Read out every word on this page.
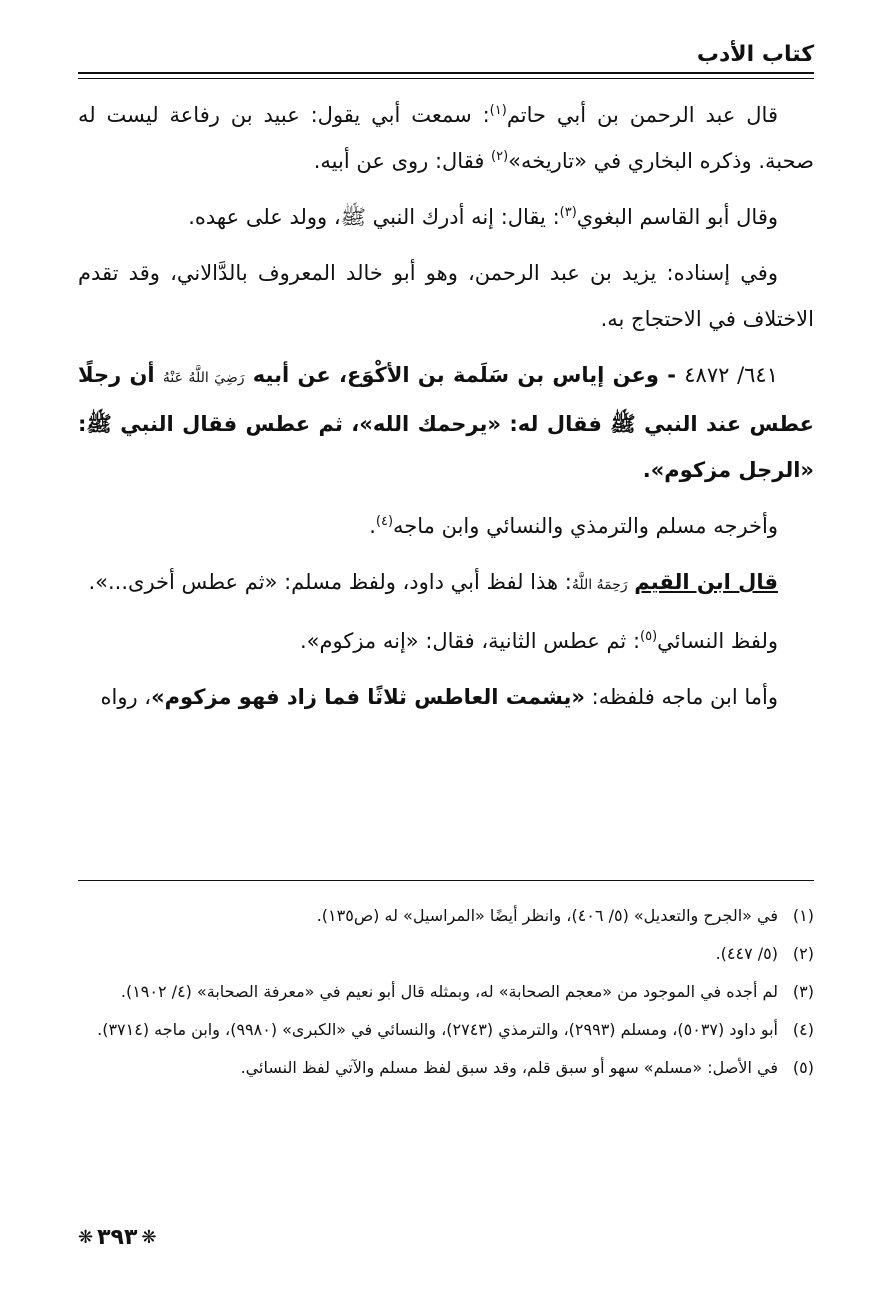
كتاب الأدب

قال عبد الرحمن بن أبي حاتم$^{(١)}$: سمعت أبي يقول: عبيد بن رفاعة ليست له صحبة. وذكره البخاري في «تاريخه»$^{(٢)}$ فقال: روى عن أبيه.

وقال أبو القاسم البغوي$^{(٣)}$: يقال: إنه أدرك النبي ﷺ، وولد على عهده.

وفي إسناده: يزيد بن عبد الرحمن، وهو أبو خالد المعروف بالدَّالاني، وقد تقدم الاختلاف في الاحتجاج به.

٦٤١/ ٤٨٧٢ - وعن إياس بن سَلَمة بن الأكْوَع، عن أبيه رَضِيَ اللَّهُ عَنْهُ أن رجلًا عطس عند النبي ﷺ فقال له: «يرحمك الله»، ثم عطس فقال النبي ﷺ: «الرجل مزكوم».

وأخرجه مسلم والترمذي والنسائي وابن ماجه$^{(٤)}$.

قال ابن القيم رَحِمَهُ اللَّهُ: هذا لفظ أبي داود، ولفظ مسلم: «ثم عطس أخرى...».

ولفظ النسائي$^{(٥)}$: ثم عطس الثانية، فقال: «إنه مزكوم».

وأما ابن ماجه فلفظه: «يشمت العاطس ثلاثًا فما زاد فهو مزكوم»، رواه

(١)
في «الجرح والتعديل» (٥/ ٤٠٦)، وانظر أيضًا «المراسيل» له (ص١٣٥).
(٢)
(٥/ ٤٤٧).
(٣)
لم أجده في الموجود من «معجم الصحابة» له، وبمثله قال أبو نعيم في «معرفة الصحابة» (٤/ ١٩٠٢).
(٤)
أبو داود (٥٠٣٧)، ومسلم (٢٩٩٣)، والترمذي (٢٧٤٣)، والنسائي في «الكبرى» (٩٩٨٠)، وابن ماجه (٣٧١٤).
(٥)
في الأصل: «مسلم» سهو أو سبق قلم، وقد سبق لفظ مسلم والآتي لفظ النسائي.
❋ ٣٩٣ ❋
